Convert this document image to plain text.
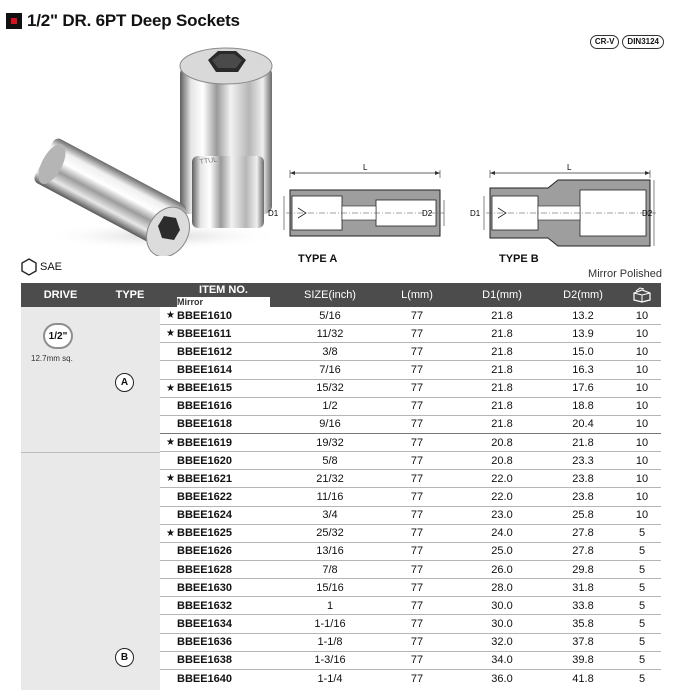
1/2" DR. 6PT Deep Sockets
CR-V	DIN3124
TTUL
L
D1	D2
TYPE A
L
D1	D2
TYPE B
SAE
Mirror Polished
DRIVE	TYPE	ITEM NO.
Mirror
SIZE(inch)	L(mm)	D1(mm)	D2(mm)
1/2"
12.7mm sq.
A
B
★ BBEE1610	5/16	77	21.8	13.2	10
★ BBEE1611	11/32	77	21.8	13.9	10
BBEE1612	3/8	77	21.8	15.0	10
BBEE1614	7/16	77	21.8	16.3	10
★ BBEE1615	15/32	77	21.8	17.6	10
BBEE1616	1/2	77	21.8	18.8	10
BBEE1618	9/16	77	21.8	20.4	10
★ BBEE1619	19/32	77	20.8	21.8	10
BBEE1620	5/8	77	20.8	23.3	10
★ BBEE1621	21/32	77	22.0	23.8	10
BBEE1622	11/16	77	22.0	23.8	10
BBEE1624	3/4	77	23.0	25.8	10
★ BBEE1625	25/32	77	24.0	27.8	5
BBEE1626	13/16	77	25.0	27.8	5
BBEE1628	7/8	77	26.0	29.8	5
BBEE1630	15/16	77	28.0	31.8	5
BBEE1632	1	77	30.0	33.8	5
BBEE1634	1-1/16	77	30.0	35.8	5
BBEE1636	1-1/8	77	32.0	37.8	5
BBEE1638	1-3/16	77	34.0	39.8	5
BBEE1640	1-1/4	77	36.0	41.8	5
